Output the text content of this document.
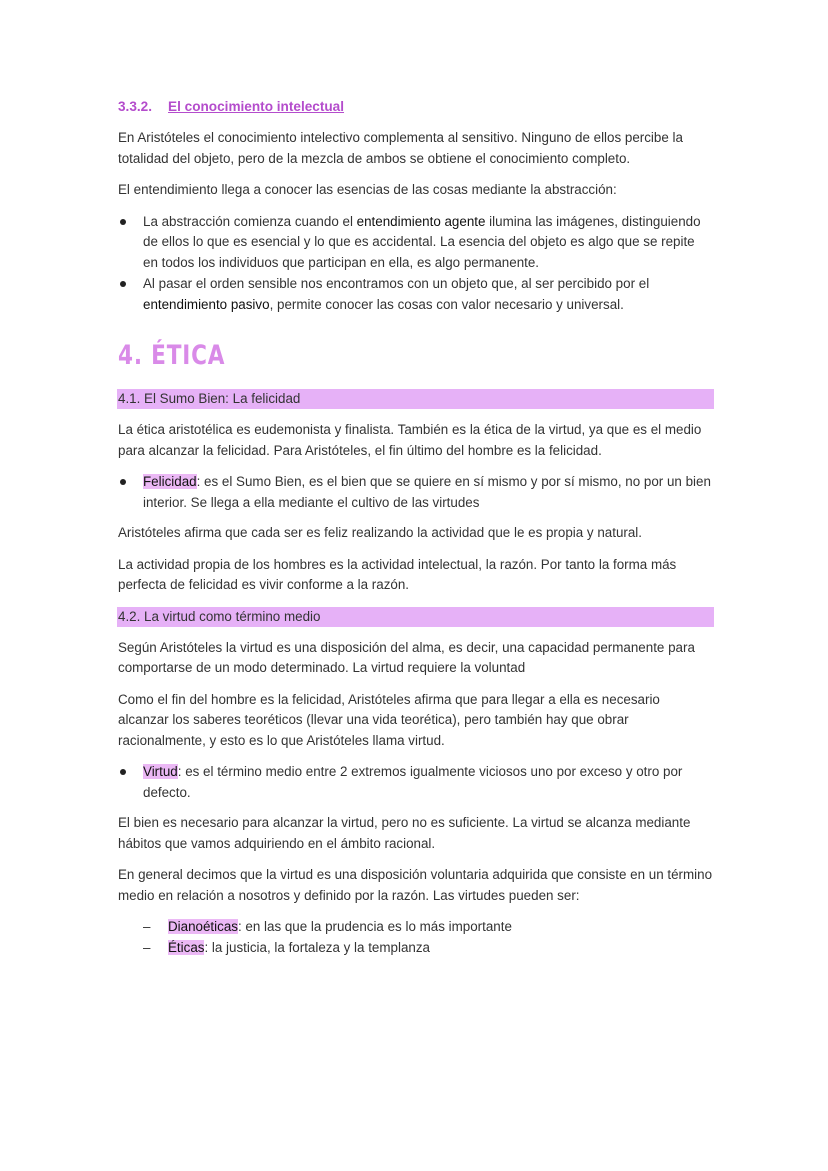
3.3.2. El conocimiento intelectual

En Aristóteles el conocimiento intelectivo complementa al sensitivo. Ninguno de ellos percibe la totalidad del objeto, pero de la mezcla de ambos se obtiene el conocimiento completo.

El entendimiento llega a conocer las esencias de las cosas mediante la abstracción:

La abstracción comienza cuando el entendimiento agente ilumina las imágenes, distinguiendo de ellos lo que es esencial y lo que es accidental. La esencia del objeto es algo que se repite en todos los individuos que participan en ella, es algo permanente.
Al pasar el orden sensible nos encontramos con un objeto que, al ser percibido por el entendimiento pasivo, permite conocer las cosas con valor necesario y universal.
4. ÉTICA
4.1. El Sumo Bien: La felicidad

La ética aristotélica es eudemonista y finalista. También es la ética de la virtud, ya que es el medio para alcanzar la felicidad. Para Aristóteles, el fin último del hombre es la felicidad.

Felicidad: es el Sumo Bien, es el bien que se quiere en sí mismo y por sí mismo, no por un bien interior. Se llega a ella mediante el cultivo de las virtudes

Aristóteles afirma que cada ser es feliz realizando la actividad que le es propia y natural.

La actividad propia de los hombres es la actividad intelectual, la razón. Por tanto la forma más perfecta de felicidad es vivir conforme a la razón.

4.2. La virtud como término medio

Según Aristóteles la virtud es una disposición del alma, es decir, una capacidad permanente para comportarse de un modo determinado. La virtud requiere la voluntad

Como el fin del hombre es la felicidad, Aristóteles afirma que para llegar a ella es necesario alcanzar los saberes teoréticos (llevar una vida teorética), pero también hay que obrar racionalmente, y esto es lo que Aristóteles llama virtud.

Virtud: es el término medio entre 2 extremos igualmente viciosos uno por exceso y otro por defecto.

El bien es necesario para alcanzar la virtud, pero no es suficiente. La virtud se alcanza mediante hábitos que vamos adquiriendo en el ámbito racional.

En general decimos que la virtud es una disposición voluntaria adquirida que consiste en un término medio en relación a nosotros y definido por la razón. Las virtudes pueden ser:

– Dianoéticas: en las que la prudencia es lo más importante
– Éticas: la justicia, la fortaleza y la templanza
